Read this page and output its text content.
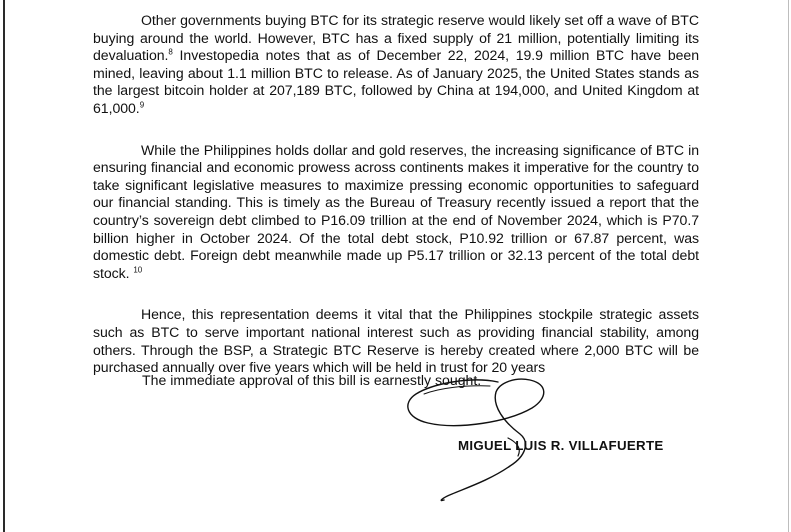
Other governments buying BTC for its strategic reserve would likely set off a wave of BTC buying around the world. However, BTC has a fixed supply of 21 million, potentially limiting its devaluation.$^8$ Investopedia notes that as of December 22, 2024, 19.9 million BTC have been mined, leaving about 1.1 million BTC to release. As of January 2025, the United States stands as the largest bitcoin holder at 207,189 BTC, followed by China at 194,000, and United Kingdom at 61,000.$^9$

While the Philippines holds dollar and gold reserves, the increasing significance of BTC in ensuring financial and economic prowess across continents makes it imperative for the country to take significant legislative measures to maximize pressing economic opportunities to safeguard our financial standing. This is timely as the Bureau of Treasury recently issued a report that the country’s sovereign debt climbed to P16.09 trillion at the end of November 2024, which is P70.7 billion higher in October 2024. Of the total debt stock, P10.92 trillion or 67.87 percent, was domestic debt. Foreign debt meanwhile made up P5.17 trillion or 32.13 percent of the total debt stock. $^{10}$

Hence, this representation deems it vital that the Philippines stockpile strategic assets such as BTC to serve important national interest such as providing financial stability, among others. Through the BSP, a Strategic BTC Reserve is hereby created where 2,000 BTC will be purchased annually over five years which will be held in trust for 20 years

The immediate approval of this bill is earnestly sought.

MIGUEL LUIS R. VILLAFUERTE
